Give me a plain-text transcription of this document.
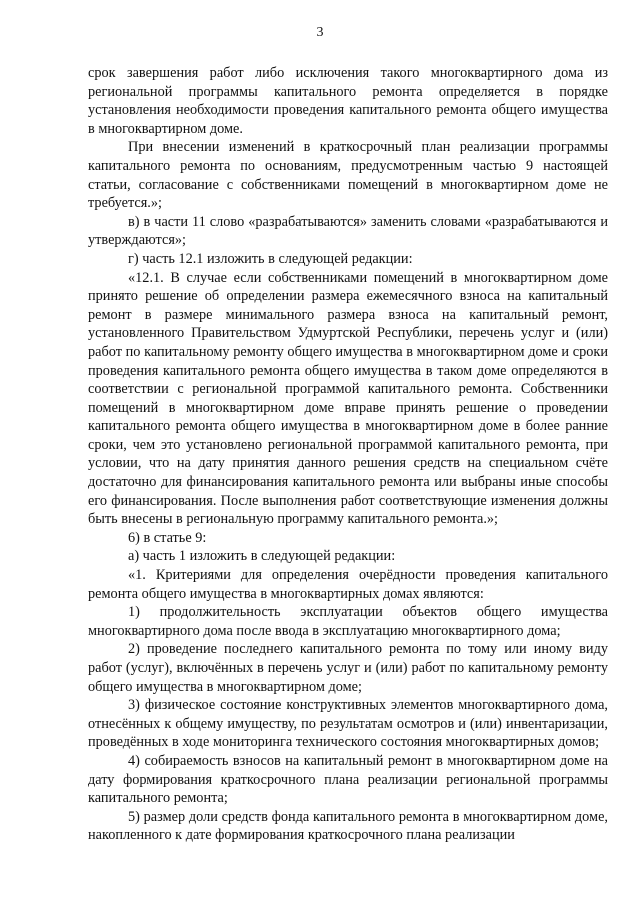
3

срок завершения работ либо исключения такого многоквартирного дома из региональной программы капитального ремонта определяется в порядке установления необходимости проведения капитального ремонта общего имущества в многоквартирном доме.

При внесении изменений в краткосрочный план реализации программы капитального ремонта по основаниям, предусмотренным частью 9 настоящей статьи, согласование с собственниками помещений в многоквартирном доме не требуется.»;

в) в части 11 слово «разрабатываются» заменить словами «разрабатываются и утверждаются»;

г) часть 12.1 изложить в следующей редакции:

«12.1. В случае если собственниками помещений в многоквартирном доме принято решение об определении размера ежемесячного взноса на капитальный ремонт в размере минимального размера взноса на капитальный ремонт, установленного Правительством Удмуртской Республики, перечень услуг и (или) работ по капитальному ремонту общего имущества в многоквартирном доме и сроки проведения капитального ремонта общего имущества в таком доме определяются в соответствии с региональной программой капитального ремонта. Собственники помещений в многоквартирном доме вправе принять решение о проведении капитального ремонта общего имущества в многоквартирном доме в более ранние сроки, чем это установлено региональной программой капитального ремонта, при условии, что на дату принятия данного решения средств на специальном счёте достаточно для финансирования капитального ремонта или выбраны иные способы его финансирования. После выполнения работ соответствующие изменения должны быть внесены в региональную программу капитального ремонта.»;

6) в статье 9:

а) часть 1 изложить в следующей редакции:

«1. Критериями для определения очерёдности проведения капитального ремонта общего имущества в многоквартирных домах являются:

1) продолжительность эксплуатации объектов общего имущества многоквартирного дома после ввода в эксплуатацию многоквартирного дома;

2) проведение последнего капитального ремонта по тому или иному виду работ (услуг), включённых в перечень услуг и (или) работ по капитальному ремонту общего имущества в многоквартирном доме;

3) физическое состояние конструктивных элементов многоквартирного дома, отнесённых к общему имуществу, по результатам осмотров и (или) инвентаризации, проведённых в ходе мониторинга технического состояния многоквартирных домов;

4) собираемость взносов на капитальный ремонт в многоквартирном доме на дату формирования краткосрочного плана реализации региональной программы капитального ремонта;

5) размер доли средств фонда капитального ремонта в многоквартирном доме, накопленного к дате формирования краткосрочного плана реализации
